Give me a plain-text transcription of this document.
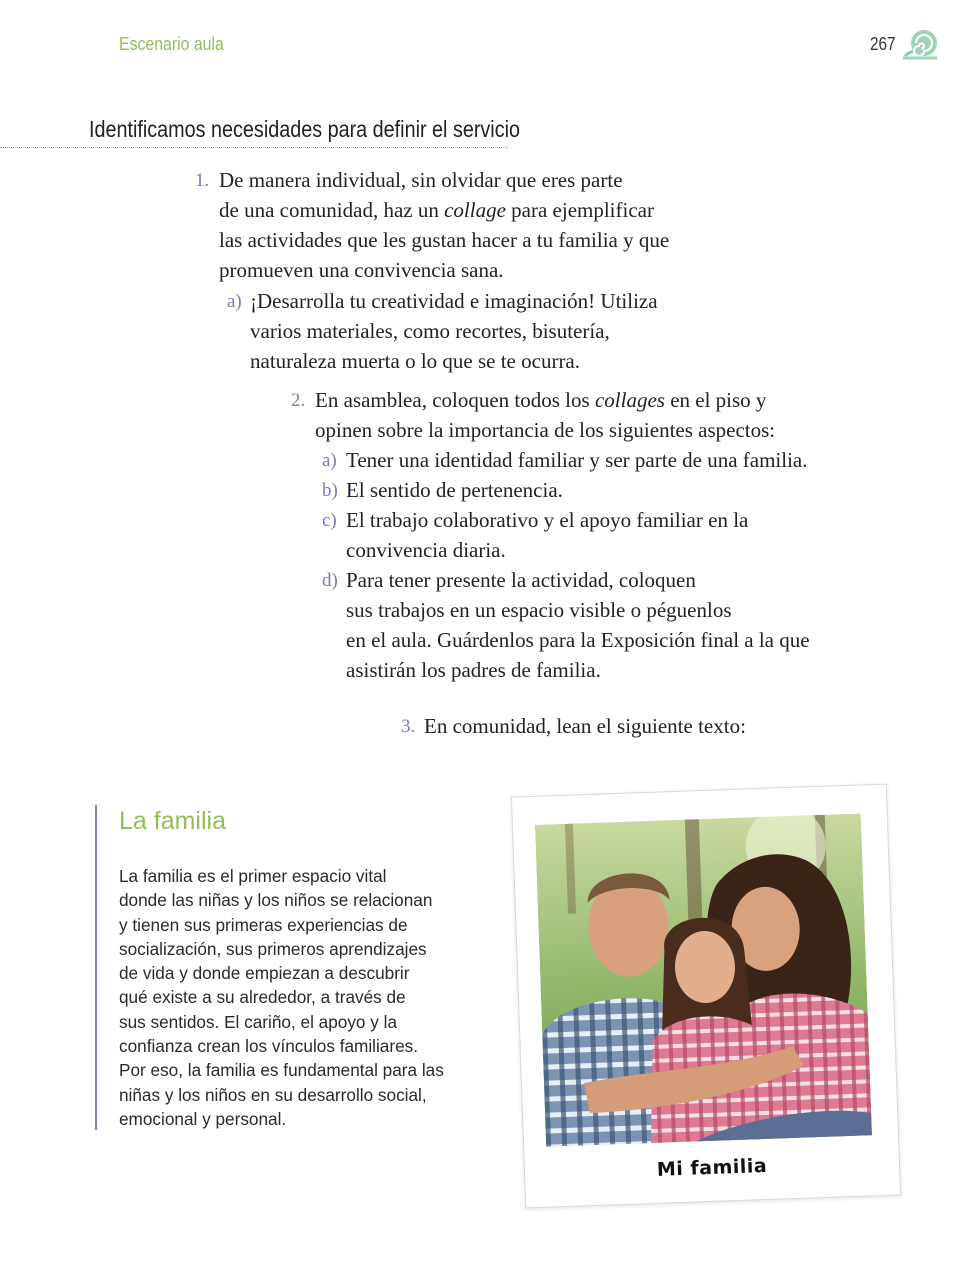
Escenario aula	267
Identificamos necesidades para definir el servicio
1. De manera individual, sin olvidar que eres parte
de una comunidad, haz un collage para ejemplificar
las actividades que les gustan hacer a tu familia y que
promueven una convivencia sana.
a) ¡Desarrolla tu creatividad e imaginación! Utiliza
varios materiales, como recortes, bisutería,
naturaleza muerta o lo que se te ocurra.
2. En asamblea, coloquen todos los collages en el piso y
opinen sobre la importancia de los siguientes aspectos:
a) Tener una identidad familiar y ser parte de una familia.
b) El sentido de pertenencia.
c) El trabajo colaborativo y el apoyo familiar en la
convivencia diaria.
d) Para tener presente la actividad, coloquen
sus trabajos en un espacio visible o péguenlos
en el aula. Guárdenlos para la Exposición final a la que
asistirán los padres de familia.
3. En comunidad, lean el siguiente texto:
La familia
La familia es el primer espacio vital
donde las niñas y los niños se relacionan
y tienen sus primeras experiencias de
socialización, sus primeros aprendizajes
de vida y donde empiezan a descubrir
qué existe a su alrededor, a través de
sus sentidos. El cariño, el apoyo y la
confianza crean los vínculos familiares.
Por eso, la familia es fundamental para las
niñas y los niños en su desarrollo social,
emocional y personal.
Mi familia
